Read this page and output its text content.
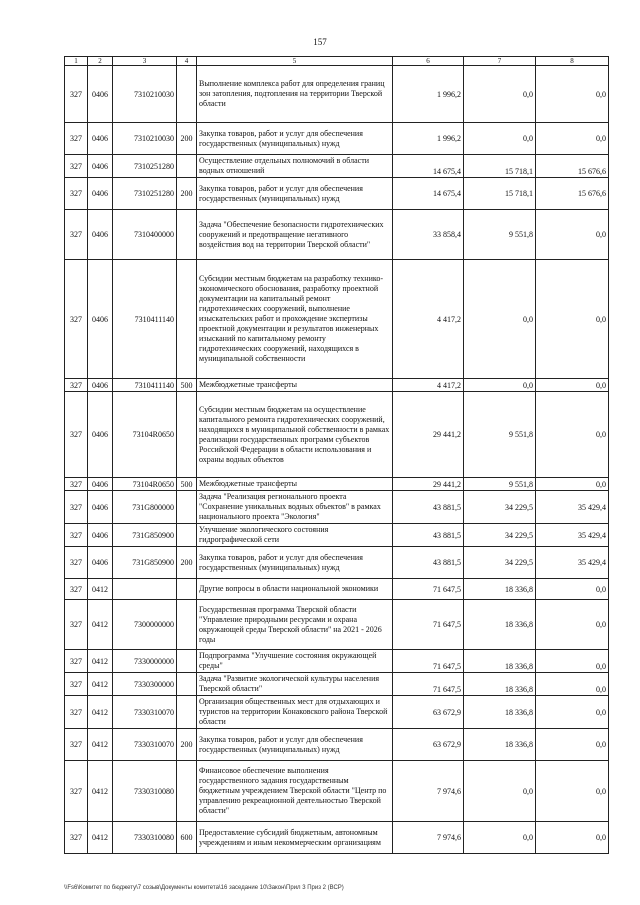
157
1	2	3	4	5	6	7	8
327	0406	7310210030		Выполнение комплекса работ для определения границ зон затопления, подтопления на территории Тверской области	1 996,2	0,0	0,0
327	0406	7310210030	200	Закупка товаров, работ и услуг для обеспечения государственных (муниципальных) нужд	1 996,2	0,0	0,0
327	0406	7310251280		Осуществление отдельных полномочий в области водных отношений	14 675,4	15 718,1	15 676,6
327	0406	7310251280	200	Закупка товаров, работ и услуг для обеспечения государственных (муниципальных) нужд	14 675,4	15 718,1	15 676,6
327	0406	7310400000		Задача "Обеспечение безопасности гидротехнических сооружений и предотвращение негативного воздействия вод на территории Тверской области"	33 858,4	9 551,8	0,0
327	0406	7310411140		Субсидии местным бюджетам на разработку технико-экономического обоснования, разработку проектной документации на капитальный ремонт гидротехнических сооружений, выполнение изыскательских работ и прохождение экспертизы проектной документации и результатов инженерных изысканий по капитальному ремонту гидротехнических сооружений, находящихся в муниципальной собственности	4 417,2	0,0	0,0
327	0406	7310411140	500	Межбюджетные трансферты	4 417,2	0,0	0,0
327	0406	73104R0650		Субсидии местным бюджетам на осуществление капитального ремонта гидротехнических сооружений, находящихся в муниципальной собственности в рамках реализации государственных программ субъектов Российской Федерации в области использования и охраны водных объектов	29 441,2	9 551,8	0,0
327	0406	73104R0650	500	Межбюджетные трансферты	29 441,2	9 551,8	0,0
327	0406	731G800000		Задача "Реализация регионального проекта "Сохранение уникальных водных объектов" в рамках национального проекта "Экология"	43 881,5	34 229,5	35 429,4
327	0406	731G850900		Улучшение экологического состояния гидрографической сети	43 881,5	34 229,5	35 429,4
327	0406	731G850900	200	Закупка товаров, работ и услуг для обеспечения государственных (муниципальных) нужд	43 881,5	34 229,5	35 429,4
327	0412			Другие вопросы в области национальной экономики	71 647,5	18 336,8	0,0
327	0412	7300000000		Государственная программа Тверской области "Управление природными ресурсами и охрана окружающей среды Тверской области" на 2021 - 2026 годы	71 647,5	18 336,8	0,0
327	0412	7330000000		Подпрограмма "Улучшение состояния окружающей среды"	71 647,5	18 336,8	0,0
327	0412	7330300000		Задача "Развитие экологической культуры населения Тверской области"	71 647,5	18 336,8	0,0
327	0412	7330310070		Организация общественных мест для отдыхающих и туристов на территории Конаковского района Тверской области	63 672,9	18 336,8	0,0
327	0412	7330310070	200	Закупка товаров, работ и услуг для обеспечения государственных (муниципальных) нужд	63 672,9	18 336,8	0,0
327	0412	7330310080		Финансовое обеспечение выполнения государственного задания государственным бюджетным учреждением Тверской области "Центр по управлению рекреационной деятельностью Тверской области"	7 974,6	0,0	0,0
327	0412	7330310080	600	Предоставление субсидий бюджетным, автономным учреждениям и иным некоммерческим организациям	7 974,6	0,0	0,0
\\Fs6\Комитет по бюджету\7 созыв\Документы комитета\16 заседание 10\Закон\Прил 3 Приз 2 (ВСР)
